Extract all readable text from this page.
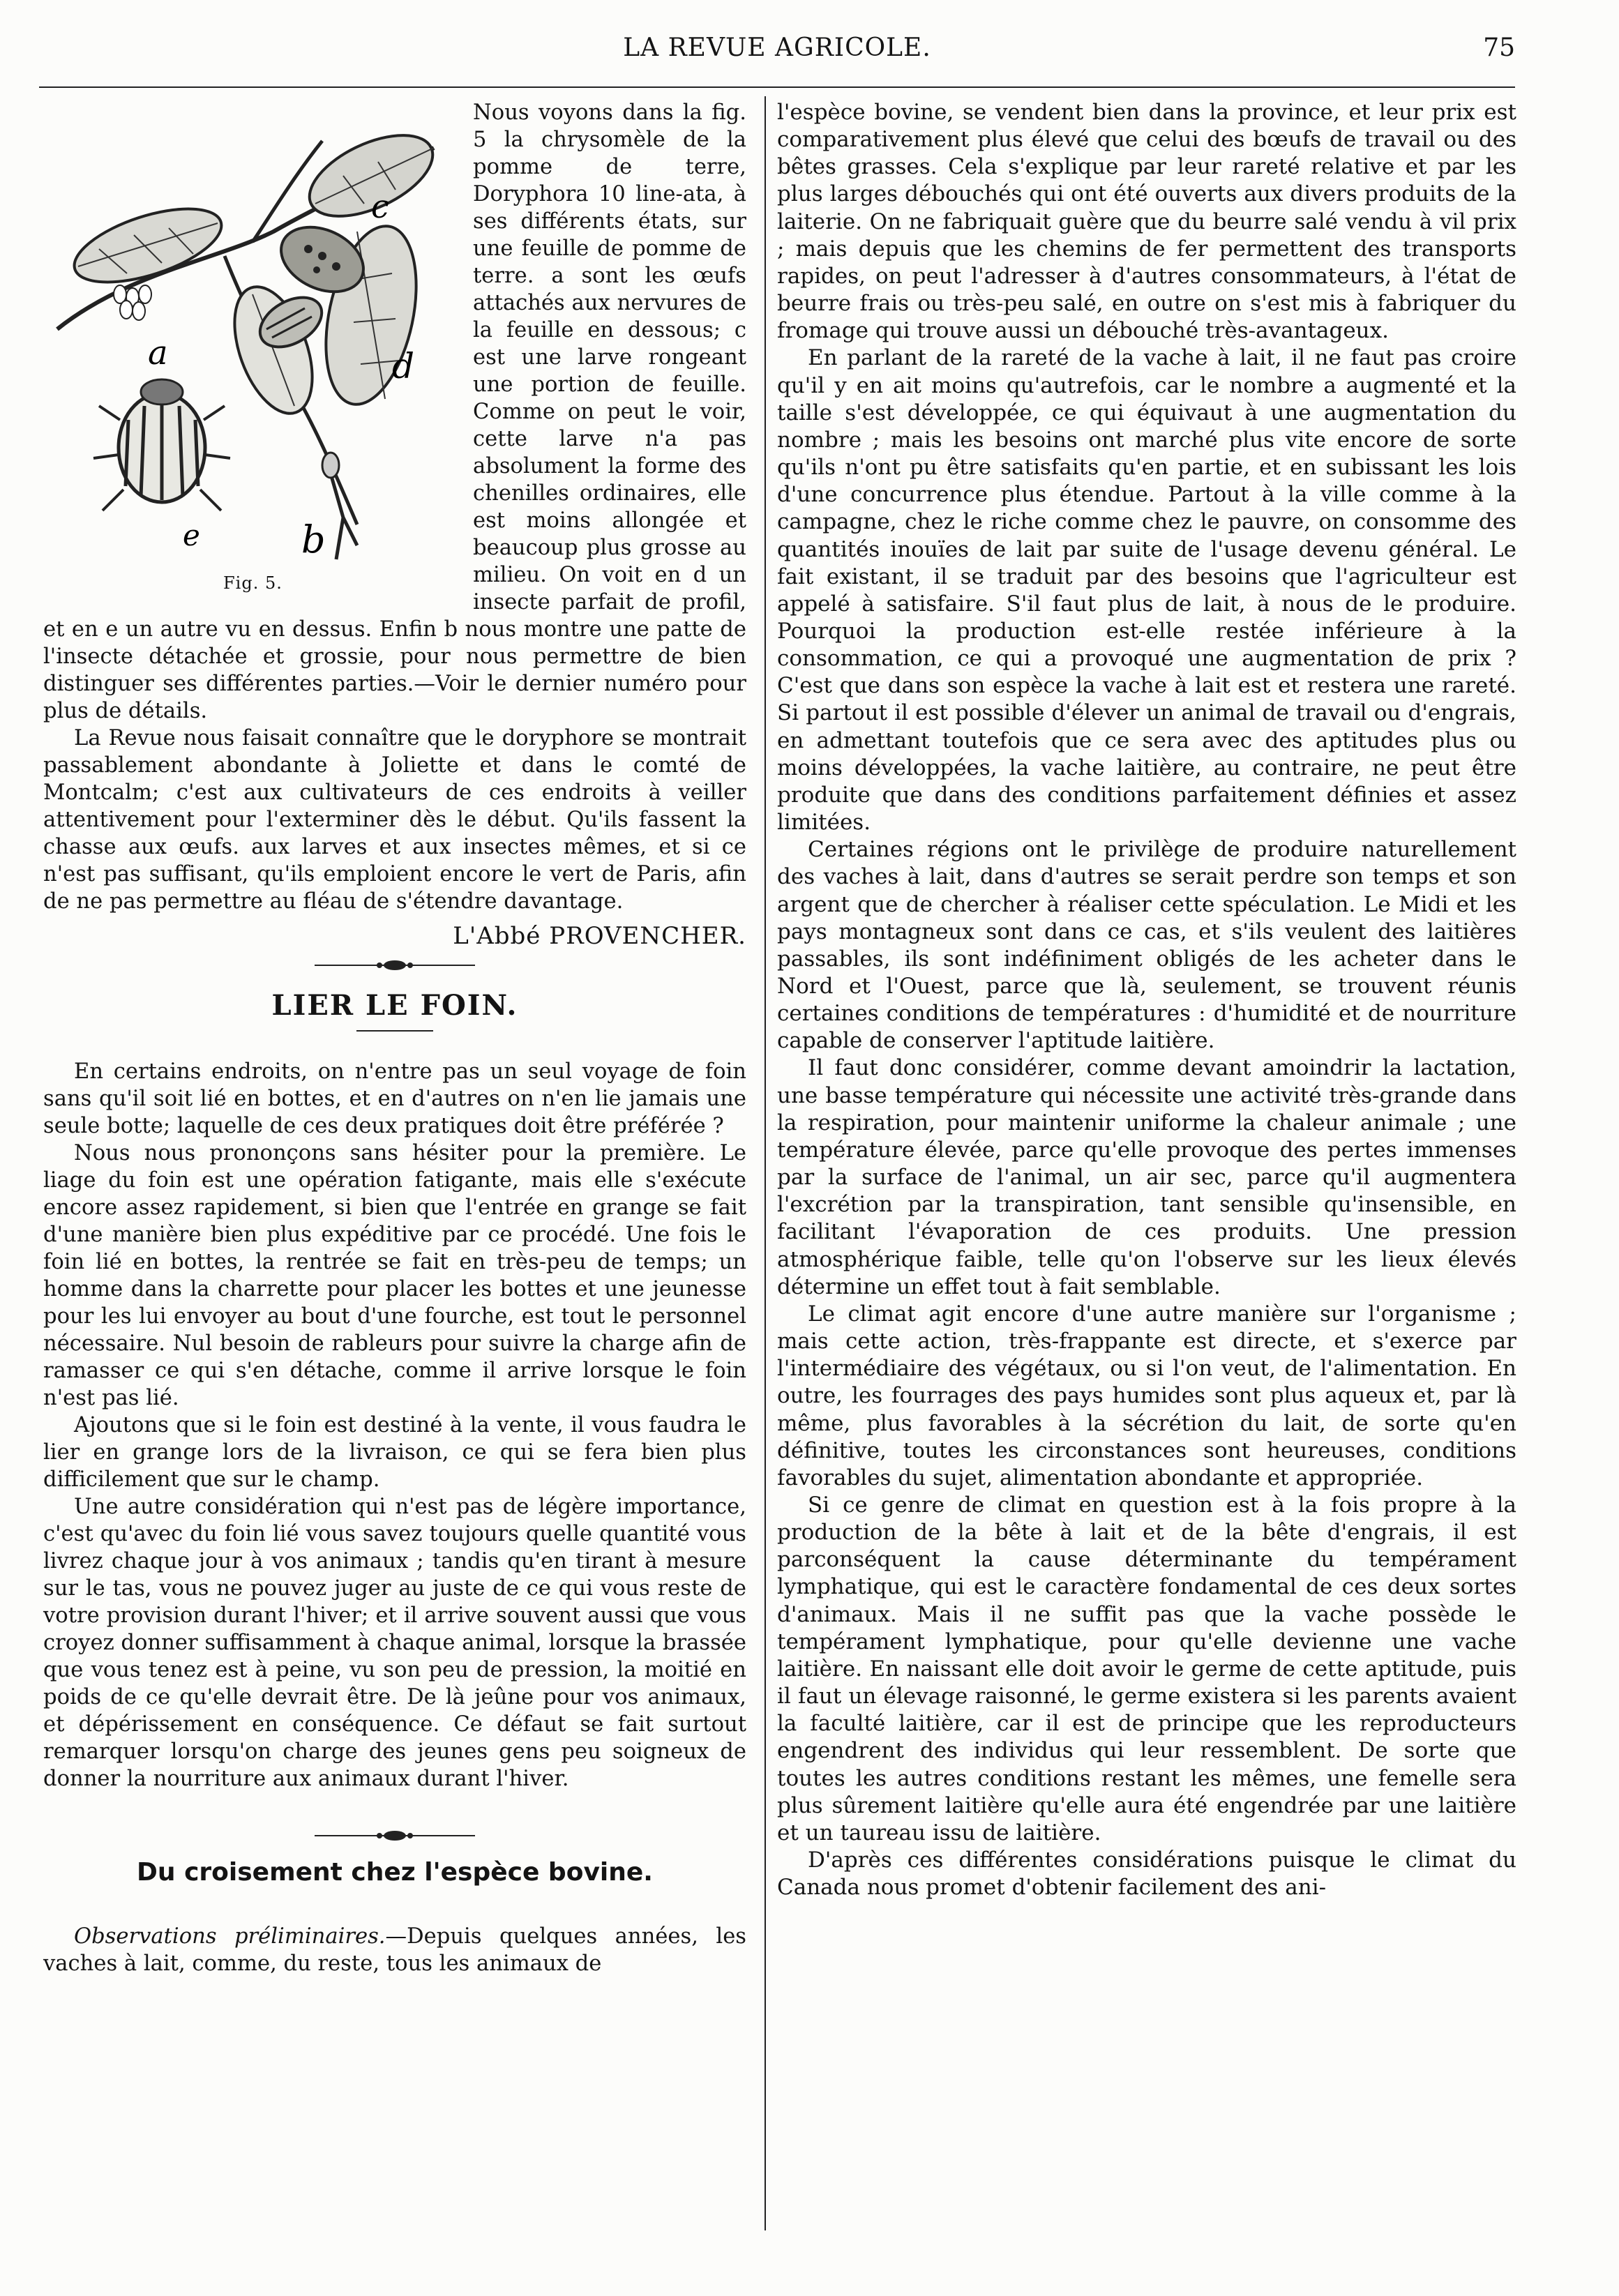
LA REVUE AGRICOLE.	75
a
b
c
d
e
Fig. 5.

Nous voyons dans la fig. 5 la chrysomèle de la pomme de terre, Doryphora 10 line-ata, à ses différents états, sur une feuille de pomme de terre. a sont les œufs attachés aux nervures de la feuille en dessous; c est une larve rongeant une portion de feuille. Comme on peut le voir, cette larve n'a pas absolument la forme des chenilles ordinaires, elle est moins allongée et beaucoup plus grosse au milieu. On voit en d un insecte parfait de profil, et en e un autre vu en dessus. Enfin b nous montre une patte de l'insecte détachée et grossie, pour nous permettre de bien distinguer ses différentes parties.—Voir le dernier numéro pour plus de détails.

La Revue nous faisait connaître que le doryphore se montrait passablement abondante à Joliette et dans le comté de Montcalm; c'est aux cultivateurs de ces endroits à veiller attentivement pour l'exterminer dès le début. Qu'ils fassent la chasse aux œufs. aux larves et aux insectes mêmes, et si ce n'est pas suffisant, qu'ils emploient encore le vert de Paris, afin de ne pas permettre au fléau de s'étendre davantage.

L'Abbé PROVENCHER.
LIER LE FOIN.

En certains endroits, on n'entre pas un seul voyage de foin sans qu'il soit lié en bottes, et en d'autres on n'en lie jamais une seule botte; laquelle de ces deux pratiques doit être préférée ?

Nous nous prononçons sans hésiter pour la première. Le liage du foin est une opération fatigante, mais elle s'exécute encore assez rapidement, si bien que l'entrée en grange se fait d'une manière bien plus expéditive par ce procédé. Une fois le foin lié en bottes, la rentrée se fait en très-peu de temps; un homme dans la charrette pour placer les bottes et une jeunesse pour les lui envoyer au bout d'une fourche, est tout le personnel nécessaire. Nul besoin de rableurs pour suivre la charge afin de ramasser ce qui s'en détache, comme il arrive lorsque le foin n'est pas lié.

Ajoutons que si le foin est destiné à la vente, il vous faudra le lier en grange lors de la livraison, ce qui se fera bien plus difficilement que sur le champ.

Une autre considération qui n'est pas de légère importance, c'est qu'avec du foin lié vous savez toujours quelle quantité vous livrez chaque jour à vos animaux ; tandis qu'en tirant à mesure sur le tas, vous ne pouvez juger au juste de ce qui vous reste de votre provision durant l'hiver; et il arrive souvent aussi que vous croyez donner suffisamment à chaque animal, lorsque la brassée que vous tenez est à peine, vu son peu de pression, la moitié en poids de ce qu'elle devrait être. De là jeûne pour vos animaux, et dépérissement en conséquence. Ce défaut se fait surtout remarquer lorsqu'on charge des jeunes gens peu soigneux de donner la nourriture aux animaux durant l'hiver.

Du croisement chez l'espèce bovine.

Observations préliminaires.—Depuis quelques années, les vaches à lait, comme, du reste, tous les animaux de

l'espèce bovine, se vendent bien dans la province, et leur prix est comparativement plus élevé que celui des bœufs de travail ou des bêtes grasses. Cela s'explique par leur rareté relative et par les plus larges débouchés qui ont été ouverts aux divers produits de la laiterie. On ne fabriquait guère que du beurre salé vendu à vil prix ; mais depuis que les chemins de fer permettent des transports rapides, on peut l'adresser à d'autres consommateurs, à l'état de beurre frais ou très-peu salé, en outre on s'est mis à fabriquer du fromage qui trouve aussi un débouché très-avantageux.

En parlant de la rareté de la vache à lait, il ne faut pas croire qu'il y en ait moins qu'autrefois, car le nombre a augmenté et la taille s'est développée, ce qui équivaut à une augmentation du nombre ; mais les besoins ont marché plus vite encore de sorte qu'ils n'ont pu être satisfaits qu'en partie, et en subissant les lois d'une concurrence plus étendue. Partout à la ville comme à la campagne, chez le riche comme chez le pauvre, on consomme des quantités inouïes de lait par suite de l'usage devenu général. Le fait existant, il se traduit par des besoins que l'agriculteur est appelé à satisfaire. S'il faut plus de lait, à nous de le produire. Pourquoi la production est-elle restée inférieure à la consommation, ce qui a provoqué une augmentation de prix ? C'est que dans son espèce la vache à lait est et restera une rareté. Si partout il est possible d'élever un animal de travail ou d'engrais, en admettant toutefois que ce sera avec des aptitudes plus ou moins développées, la vache laitière, au contraire, ne peut être produite que dans des conditions parfaitement définies et assez limitées.

Certaines régions ont le privilège de produire naturellement des vaches à lait, dans d'autres se serait perdre son temps et son argent que de chercher à réaliser cette spéculation. Le Midi et les pays montagneux sont dans ce cas, et s'ils veulent des laitières passables, ils sont indéfiniment obligés de les acheter dans le Nord et l'Ouest, parce que là, seulement, se trouvent réunis certaines conditions de températures : d'humidité et de nourriture capable de conserver l'aptitude laitière.

Il faut donc considérer, comme devant amoindrir la lactation, une basse température qui nécessite une activité très-grande dans la respiration, pour maintenir uniforme la chaleur animale ; une température élevée, parce qu'elle provoque des pertes immenses par la surface de l'animal, un air sec, parce qu'il augmentera l'excrétion par la transpiration, tant sensible qu'insensible, en facilitant l'évaporation de ces produits. Une pression atmosphérique faible, telle qu'on l'observe sur les lieux élevés détermine un effet tout à fait semblable.

Le climat agit encore d'une autre manière sur l'organisme ; mais cette action, très-frappante est directe, et s'exerce par l'intermédiaire des végétaux, ou si l'on veut, de l'alimentation. En outre, les fourrages des pays humides sont plus aqueux et, par là même, plus favorables à la sécrétion du lait, de sorte qu'en définitive, toutes les circonstances sont heureuses, conditions favorables du sujet, alimentation abondante et appropriée.

Si ce genre de climat en question est à la fois propre à la production de la bête à lait et de la bête d'engrais, il est parconséquent la cause déterminante du tempérament lymphatique, qui est le caractère fondamental de ces deux sortes d'animaux. Mais il ne suffit pas que la vache possède le tempérament lymphatique, pour qu'elle devienne une vache laitière. En naissant elle doit avoir le germe de cette aptitude, puis il faut un élevage raisonné, le germe existera si les parents avaient la faculté laitière, car il est de principe que les reproducteurs engendrent des individus qui leur ressemblent. De sorte que toutes les autres conditions restant les mêmes, une femelle sera plus sûrement laitière qu'elle aura été engendrée par une laitière et un taureau issu de laitière.

D'après ces différentes considérations puisque le climat du Canada nous promet d'obtenir facilement des ani-
